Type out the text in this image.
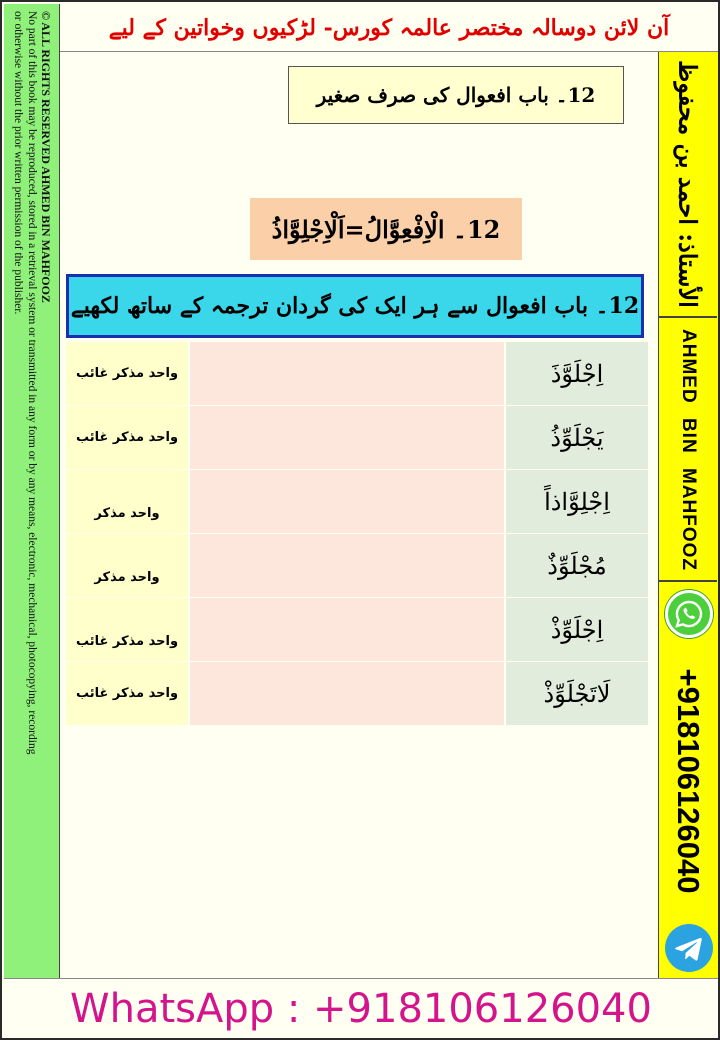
آن لائن دوسالہ مختصر عالمہ کورس- لڑکیوں وخواتین کے لیے
© ALL RIGHTS RESERVED AHMED BIN MAHFOOZ
No part of this book may be reproduced, stored in a retrieval system or transmitted in any form or by any means, electronic, mechanical, photocopying, recording
or otherwise without the prior written permission of the publisher.	الأستاذ: احمد بن محفوظ
AHMED BIN MAHFOOZ
+918106126040
12۔ باب افعوال کی صرف صغیر
12۔ الْاِفْعِوَّالُ=اَلْاِجْلِوَّاذُ
12۔ باب افعوال سے ہر ایک کی گردان ترجمہ کے ساتھ لکھیے
واحد مذکر غائب	اِجْلَوَّذَ
واحد مذکر غائب	يَجْلَوِّذُ
واحد مذکر	اِجْلِوَّاذاً
واحد مذکر	مُجْلَوِّذٌ
واحد مذکر غائب	اِجْلَوِّذْ
واحد مذکر غائب	لَاتَجْلَوِّذْ
WhatsApp : +918106126040
